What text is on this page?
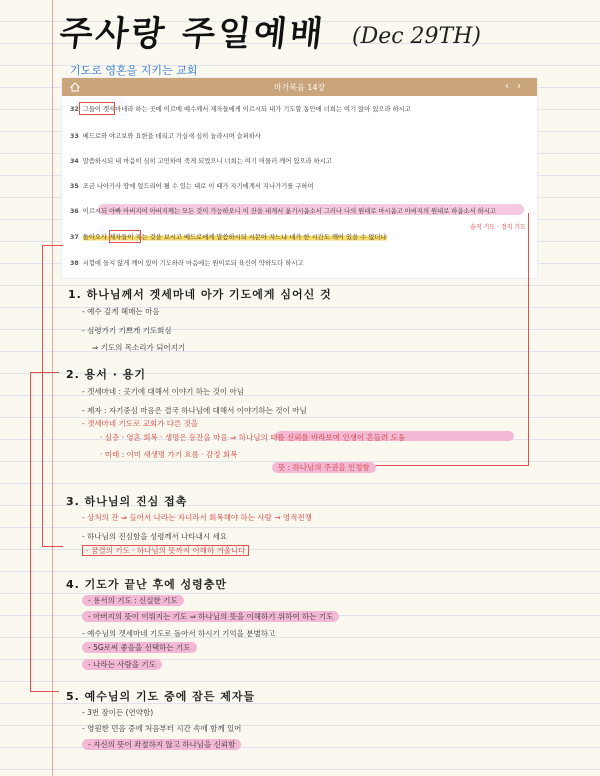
주사랑 주일예배 (Dec 29TH)
기도로 영혼을 지키는 교회
마가복음 14장	‹›
32 그들이 겟세마네라 하는 곳에 이르매 예수께서 제자들에게 이르시되 내가 기도할 동안에 너희는 여기 앉아 있으라 하시고
33 베드로와 야고보와 요한을 데리고 가실새 심히 놀라시며 슬퍼하사
34 말씀하시되 내 마음이 심히 고민하여 죽게 되었으니 너희는 여기 머물러 깨어 있으라 하시고
35 조금 나아가사 땅에 엎드리어 될 수 있는 대로 이 때가 자기에게서 지나가기를 구하여
36 이르시되 아빠 아버지여 아버지께는 모든 것이 가능하오니 이 잔을 내게서 옮기시옵소서 그러나 나의 원대로 마시옵고 아버지의 원대로 하옵소서 하시고
37 돌아오사 제자들이 자는 것을 보시고 베드로에게 말씀하시되 시몬아 자느냐 네가 한 시간도 깨어 있을 수 없더냐
38 시험에 들지 않게 깨어 있어 기도하라 마음에는 원이로되 육신이 약하도다 하시고
솔직 기도 · 정직 기도
1. 하나님께서 겟세마네 아가 기도에게 심어신 것
- 예수 깊게 헤매는 마음
- 심령가기 기쁘게 기도회심
⇒ 기도의 목소리가 되어지기
2. 용서 · 용기
- 겟세마네 : 곳기에 대해서 이야기 하는 것이 아님
- 제자 : 자기중심 마음은 결국 하나님에 대해서 이야기하는 것이 아님
- 겟세마네 기도로 교회가 다른 것을
· 심층 · 영혼 회복 · 생명은 등잔을 마음 ⇒ 하나님의 때를 신뢰를 바라보며 인생이 흔들려 도움
· 미래 : 이미 새생명 가기 흐름 · 감정 회복
뜻 : 하나님의 주권을 인정함
3. 하나님의 진심 접촉
- 상처의 잔 ⇒ 들어서 나라는 자녀라서 회복해야 하는 사람 → 영적전쟁
- 하나님의 진심함을 성령께서 나타내시 세요
- 꿈결의 기도 · 하나님의 뜻까지 이해하 겨울니다
4. 기도가 끝난 후에 성령충만
- 용서의 기도 : 신실한 기도
- 아버지의 뜻이 이뤄지는 기도 ⇒ 하나님의 뜻을 이해하기 위하여 하는 기도
- 예수님의 겟세마네 기도로 돌아서 하시기 기억을 분별하고
- 5G로써 좋음을 선택하는 기도
- 나라는 사람을 기도
5. 예수님의 기도 중에 잠든 제자들
- 3번 잠이든 (연약함)
- 영원한 민음 중에 처음부터 시간 속에 함께 있어
- 자신의 뜻이 좌절하지 않고 하나님을 신뢰함
